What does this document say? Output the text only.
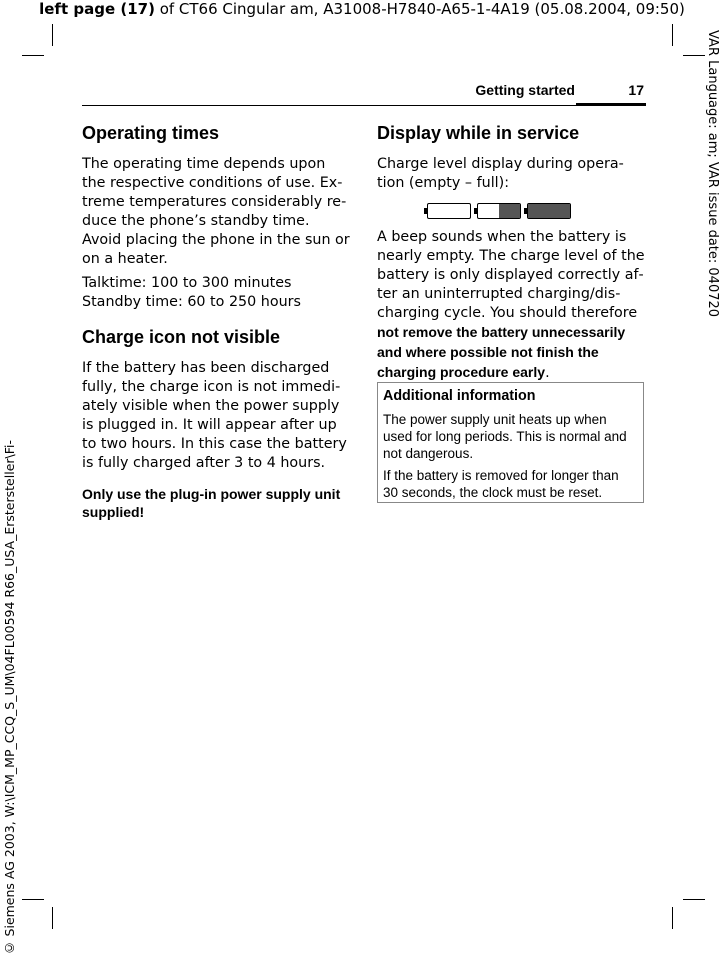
left page (17) of CT66 Cingular am, A31008-H7840-A65-1-4A19 (05.08.2004, 09:50)
VAR Language: am; VAR issue date: 040720
© Siemens AG 2003, W:\ICM_MP_CCQ_S_UM\04FL00594 R66_USA_Erstersteller\Fi-
Getting started	17
Operating times

The operating time depends upon the respective conditions of use. Extreme temperatures considerably reduce the phone’s standby time. Avoid placing the phone in the sun or on a heater.

Talktime: 100 to 300 minutes

Standby time: 60 to 250 hours

Charge icon not visible

If the battery has been discharged fully, the charge icon is not immediately visible when the power supply is plugged in. It will appear after up to two hours. In this case the battery is fully charged after 3 to 4 hours.

Only use the plug-in power supply unit supplied!

Display while in service

Charge level display during operation (empty – full):

A beep sounds when the battery is nearly empty. The charge level of the battery is only displayed correctly after an uninterrupted charging/discharging cycle. You should therefore not remove the battery unnecessarily and where possible not finish the charging procedure early.

Additional information

The power supply unit heats up when used for long periods. This is normal and not dangerous.

If the battery is removed for longer than 30 seconds, the clock must be reset.
